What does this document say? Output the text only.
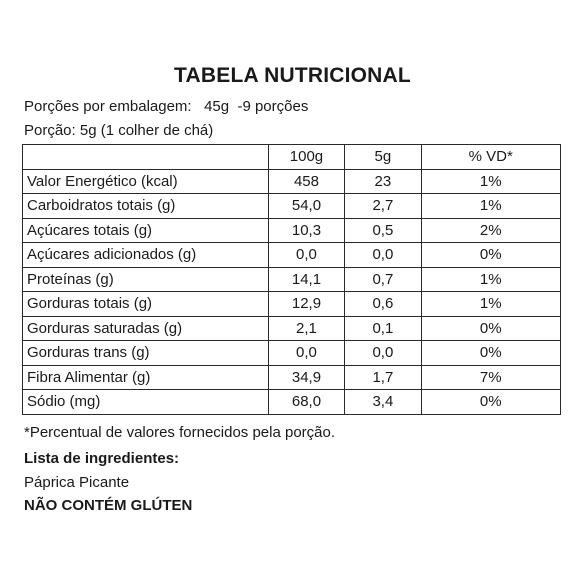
TABELA NUTRICIONAL
Porções por embalagem:   45g  -9 porções
Porção: 5g (1 colher de chá)
	100g	5g	% VD*
Valor Energético (kcal)	458	23	1%
Carboidratos totais (g)	54,0	2,7	1%
Açúcares totais (g)	10,3	0,5	2%
Açúcares adicionados (g)	0,0	0,0	0%
Proteínas (g)	14,1	0,7	1%
Gorduras totais (g)	12,9	0,6	1%
Gorduras saturadas (g)	2,1	0,1	0%
Gorduras trans (g)	0,0	0,0	0%
Fibra Alimentar (g)	34,9	1,7	7%
Sódio (mg)	68,0	3,4	0%
*Percentual de valores fornecidos pela porção.
Lista de ingredientes:
Páprica Picante
NÃO CONTÉM GLÚTEN
